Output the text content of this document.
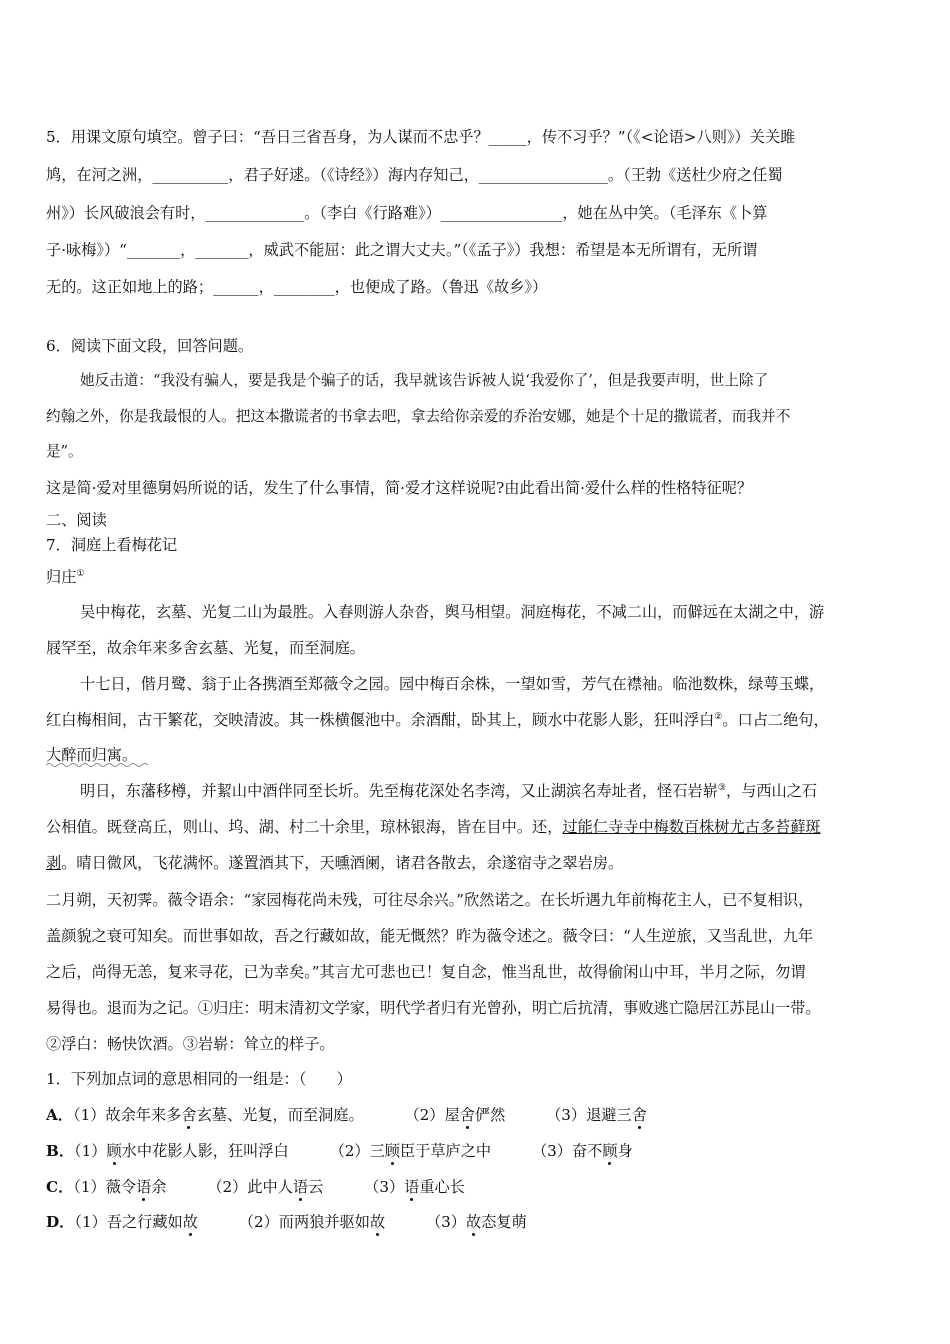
5．用课文原句填空。曾子曰：“吾日三省吾身，为人谋而不忠乎？_____，传不习乎？”（《<论语>八则》）关关雎
鸠，在河之洲，__________，君子好逑。（《诗经》）海内存知己，_________________。（王勃《送杜少府之任蜀
州》）长风破浪会有时，_____________。（李白《行路难》）________________，她在丛中笑。（毛泽东《卜算
子·咏梅》）“_______，_______，威武不能屈：此之谓大丈夫。”（《孟子》）我想：希望是本无所谓有，无所谓
无的。这正如地上的路；______，________，也便成了路。（鲁迅《故乡》）
6．阅读下面文段，回答问题。
她反击道：“我没有骗人，要是我是个骗子的话，我早就该告诉被人说‘我爱你了’，但是我要声明，世上除了
约翰之外，你是我最恨的人。把这本撒谎者的书拿去吧，拿去给你亲爱的乔治安娜，她是个十足的撒谎者，而我并不
是”。
这是简·爱对里德舅妈所说的话，发生了什么事情，简·爱才这样说呢?由此看出简·爱什么样的性格特征呢？
二、阅读
7．洞庭上看梅花记
归庄①
吴中梅花，玄墓、光复二山为最胜。入春则游人杂沓，舆马相望。洞庭梅花，不减二山，而僻远在太湖之中，游
屐罕至，故余年来多舍玄墓、光复，而至洞庭。
十七日，偕月鹭、翁于止各携酒至郑薇令之园。园中梅百余株，一望如雪，芳气在襟袖。临池数株，绿萼玉蝶，
红白梅相间，古干繁花，交映清波。其一株横偃池中。余酒酣，卧其上，顾水中花影人影，狂叫浮白②。口占二绝句，
大醉而归寓。
明日，东藩移樽，并絜山中酒伴同至长圻。先至梅花深处名李湾，又止湖滨名寿址者，怪石岩崭③，与西山之石
公相值。既登高丘，则山、坞、湖、村二十余里，琼林银海，皆在目中。还，过能仁寺寺中梅数百株树尤古多苔藓斑
剥。晴日微风，飞花满怀。遂置酒其下，天曛酒阑，诸君各散去，余遂宿寺之翠岩房。
二月朔，天初霁。薇令语余：“家园梅花尚未残，可往尽余兴。”欣然诺之。在长圻遇九年前梅花主人，已不复相识，
盖颜貌之衰可知矣。而世事如故，吾之行藏如故，能无慨然？昨为薇令述之。薇令曰：“人生逆旅，又当乱世，九年
之后，尚得无恙，复来寻花，已为幸矣。”其言尤可悲也已！复自念，惟当乱世，故得偷闲山中耳，半月之际，勿谓
易得也。退而为之记。①归庄：明末清初文学家，明代学者归有光曾孙，明亡后抗清，事败逃亡隐居江苏昆山一带。
②浮白：畅快饮酒。③岩崭：耸立的样子。
1．下列加点词的意思相同的一组是：（　　）
A．（1）故余年来多舍玄墓、光复，而至洞庭。	（2）屋舍俨然	（3）退避三舍
B．（1）顾水中花影人影，狂叫浮白	（2）三顾臣于草庐之中	（3）奋不顾身
C．（1）薇令语余	（2）此中人语云	（3）语重心长
D．（1）吾之行藏如故	（2）而两狼并驱如故	（3）故态复萌
